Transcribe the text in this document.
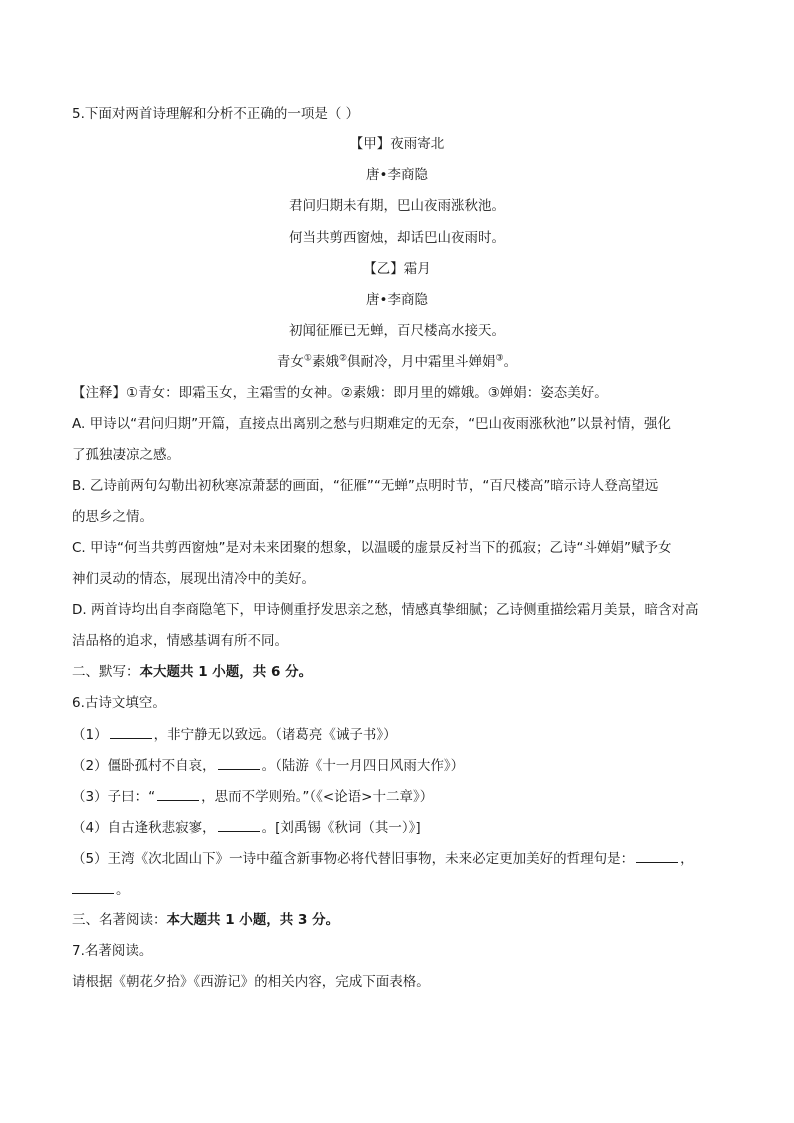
5.下面对两首诗理解和分析不正确的一项是（ ）
【甲】夜雨寄北
唐•李商隐
君问归期未有期，巴山夜雨涨秋池。
何当共剪西窗烛，却话巴山夜雨时。
【乙】霜月
唐•李商隐
初闻征雁已无蝉，百尺楼高水接天。
青女①素娥②俱耐冷，月中霜里斗婵娟③。
【注释】①青女：即霜玉女，主霜雪的女神。②素娥：即月里的嫦娥。③婵娟：姿态美好。
A. 甲诗以“君问归期”开篇，直接点出离别之愁与归期难定的无奈，“巴山夜雨涨秋池”以景衬情，强化
了孤独凄凉之感。
B. 乙诗前两句勾勒出初秋寒凉萧瑟的画面，“征雁”“无蝉”点明时节，“百尺楼高”暗示诗人登高望远
的思乡之情。
C. 甲诗“何当共剪西窗烛”是对未来团聚的想象，以温暖的虚景反衬当下的孤寂；乙诗“斗婵娟”赋予女
神们灵动的情态，展现出清冷中的美好。
D. 两首诗均出自李商隐笔下，甲诗侧重抒发思亲之愁，情感真挚细腻；乙诗侧重描绘霜月美景，暗含对高
洁品格的追求，情感基调有所不同。
二、默写：本大题共 1 小题，共 6 分。
6.古诗文填空。
（1）	，非宁静无以致远。（诸葛亮《诫子书》）
（2）僵卧孤村不自哀，	。（陆游《十一月四日风雨大作》）
（3）子曰：“	，思而不学则殆。”（《<论语>十二章》）
（4）自古逢秋悲寂寥，	。[刘禹锡《秋词（其一）》]
（5）王湾《次北固山下》一诗中蕴含新事物必将代替旧事物，未来必定更加美好的哲理句是：	，
。
三、名著阅读：本大题共 1 小题，共 3 分。
7.名著阅读。
请根据《朝花夕拾》《西游记》的相关内容，完成下面表格。
